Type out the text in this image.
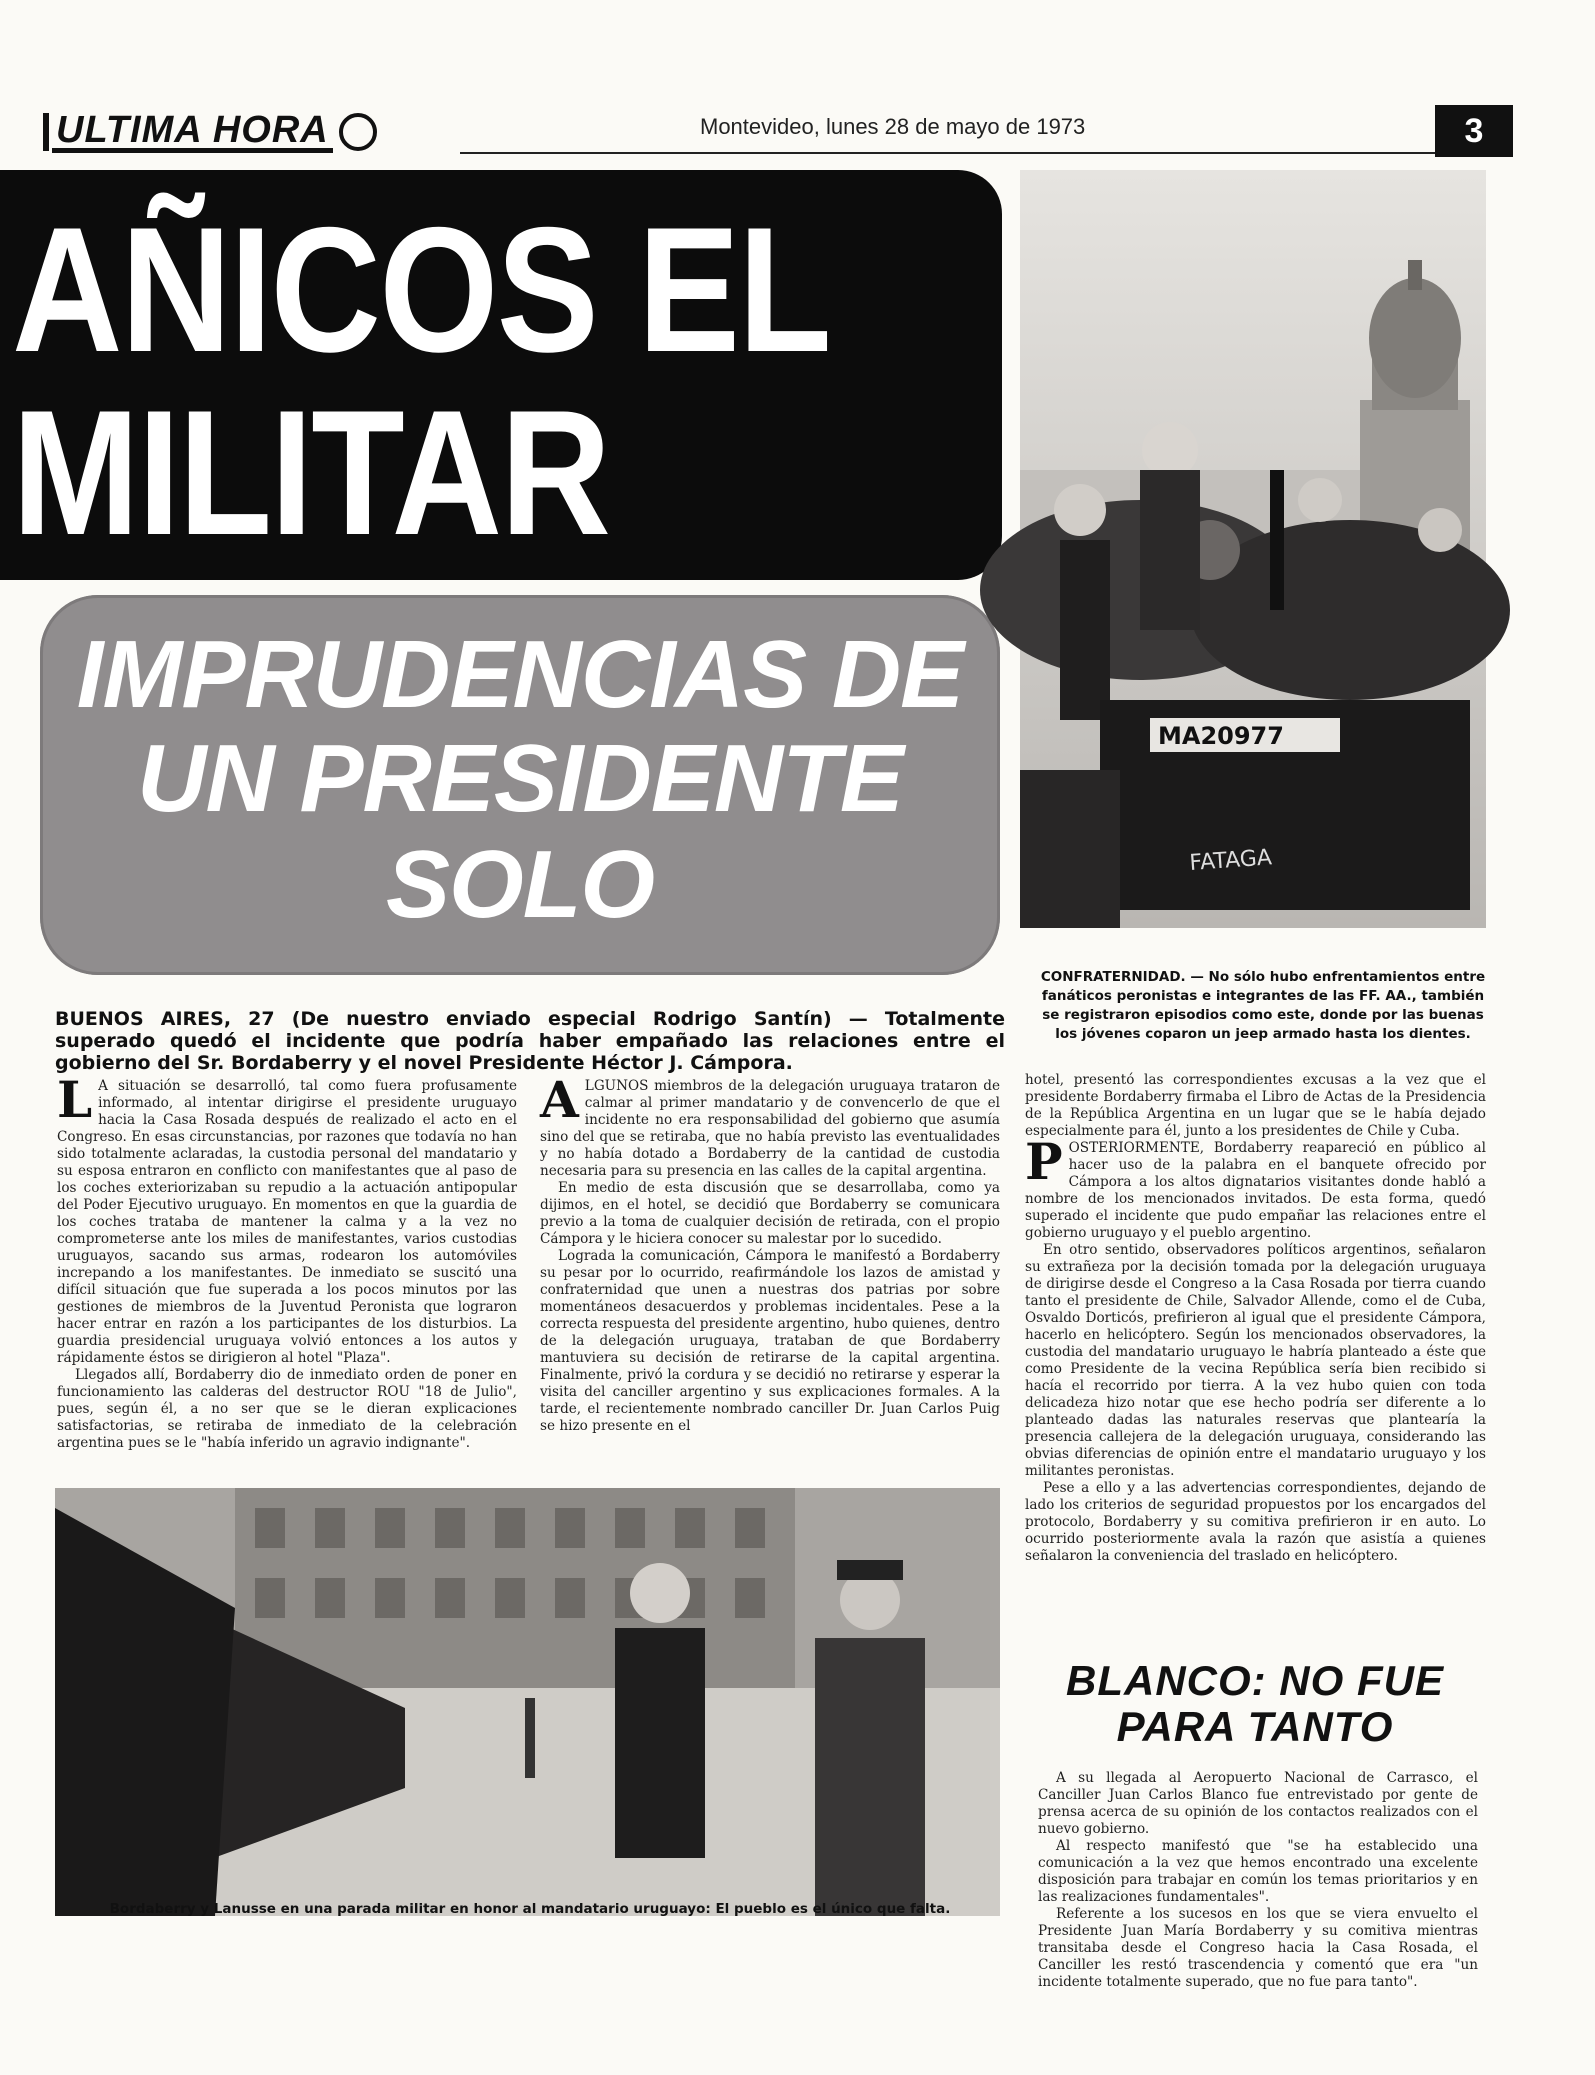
ULTIMA HORA	Montevideo, lunes 28 de mayo de 1973	3
AÑICOS EL
MILITAR
IMPRUDENCIAS DE
UN PRESIDENTE
SOLO
MA20977
FATAGA
CONFRATERNIDAD. — No sólo hubo enfrentamientos entre fanáticos peronistas e integrantes de las FF. AA., también se registraron episodios como este, donde por las buenas los jóvenes coparon un jeep armado hasta los dientes.
BUENOS AIRES, 27 (De nuestro enviado especial Rodrigo Santín) — Totalmente superado quedó el incidente que podría haber empañado las relaciones entre el gobierno del Sr. Bordaberry y el novel Presidente Héctor J. Cámpora.
L A situación se desarrolló, tal como fuera profusamente informado, al intentar dirigirse el presidente uruguayo hacia la Casa Rosada después de realizado el acto en el Congreso. En esas circunstancias, por razones que todavía no han sido totalmente aclaradas, la custodia personal del mandatario y su esposa entraron en conflicto con manifestantes que al paso de los coches exteriorizaban su repudio a la actuación antipopular del Poder Ejecutivo uruguayo. En momentos en que la guardia de los coches trataba de mantener la calma y a la vez no comprometerse ante los miles de manifestantes, varios custodias uruguayos, sacando sus armas, rodearon los automóviles increpando a los manifestantes. De inmediato se suscitó una difícil situación que fue superada a los pocos minutos por las gestiones de miembros de la Juventud Peronista que lograron hacer entrar en razón a los participantes de los disturbios. La guardia presidencial uruguaya volvió entonces a los autos y rápidamente éstos se dirigieron al hotel "Plaza".

Llegados allí, Bordaberry dio de inmediato orden de poner en funcionamiento las calderas del destructor ROU "18 de Julio", pues, según él, a no ser que se le dieran explicaciones satisfactorias, se retiraba de inmediato de la celebración argentina pues se le "había inferido un agravio indignante".

A LGUNOS miembros de la delegación uruguaya trataron de calmar al primer mandatario y de convencerlo de que el incidente no era responsabilidad del gobierno que asumía sino del que se retiraba, que no había previsto las eventualidades y no había dotado a Bordaberry de la cantidad de custodia necesaria para su presencia en las calles de la capital argentina.

En medio de esta discusión que se desarrollaba, como ya dijimos, en el hotel, se decidió que Bordaberry se comunicara previo a la toma de cualquier decisión de retirada, con el propio Cámpora y le hiciera conocer su malestar por lo sucedido.

Lograda la comunicación, Cámpora le manifestó a Bordaberry su pesar por lo ocurrido, reafirmándole los lazos de amistad y confraternidad que unen a nuestras dos patrias por sobre momentáneos desacuerdos y problemas incidentales. Pese a la correcta respuesta del presidente argentino, hubo quienes, dentro de la delegación uruguaya, trataban de que Bordaberry mantuviera su decisión de retirarse de la capital argentina. Finalmente, privó la cordura y se decidió no retirarse y esperar la visita del canciller argentino y sus explicaciones formales. A la tarde, el recientemente nombrado canciller Dr. Juan Carlos Puig se hizo presente en el

hotel, presentó las correspondientes excusas a la vez que el presidente Bordaberry firmaba el Libro de Actas de la Presidencia de la República Argentina en un lugar que se le había dejado especialmente para él, junto a los presidentes de Chile y Cuba.

P OSTERIORMENTE, Bordaberry reapareció en público al hacer uso de la palabra en el banquete ofrecido por Cámpora a los altos dignatarios visitantes donde habló a nombre de los mencionados invitados. De esta forma, quedó superado el incidente que pudo empañar las relaciones entre el gobierno uruguayo y el pueblo argentino.

En otro sentido, observadores políticos argentinos, señalaron su extrañeza por la decisión tomada por la delegación uruguaya de dirigirse desde el Congreso a la Casa Rosada por tierra cuando tanto el presidente de Chile, Salvador Allende, como el de Cuba, Osvaldo Dorticós, prefirieron al igual que el presidente Cámpora, hacerlo en helicóptero. Según los mencionados observadores, la custodia del mandatario uruguayo le habría planteado a éste que como Presidente de la vecina República sería bien recibido si hacía el recorrido por tierra. A la vez hubo quien con toda delicadeza hizo notar que ese hecho podría ser diferente a lo planteado dadas las naturales reservas que plantearía la presencia callejera de la delegación uruguaya, considerando las obvias diferencias de opinión entre el mandatario uruguayo y los militantes peronistas.

Pese a ello y a las advertencias correspondientes, dejando de lado los criterios de seguridad propuestos por los encargados del protocolo, Bordaberry y su comitiva prefirieron ir en auto. Lo ocurrido posteriormente avala la razón que asistía a quienes señalaron la conveniencia del traslado en helicóptero.

Bordaberry y Lanusse en una parada militar en honor al mandatario uruguayo: El pueblo es el único que falta.
BLANCO: NO FUE
PARA TANTO

A su llegada al Aeropuerto Nacional de Carrasco, el Canciller Juan Carlos Blanco fue entrevistado por gente de prensa acerca de su opinión de los contactos realizados con el nuevo gobierno.

Al respecto manifestó que "se ha establecido una comunicación a la vez que hemos encontrado una excelente disposición para trabajar en común los temas prioritarios y en las realizaciones fundamentales".

Referente a los sucesos en los que se viera envuelto el Presidente Juan María Bordaberry y su comitiva mientras transitaba desde el Congreso hacia la Casa Rosada, el Canciller les restó trascendencia y comentó que era "un incidente totalmente superado, que no fue para tanto".
